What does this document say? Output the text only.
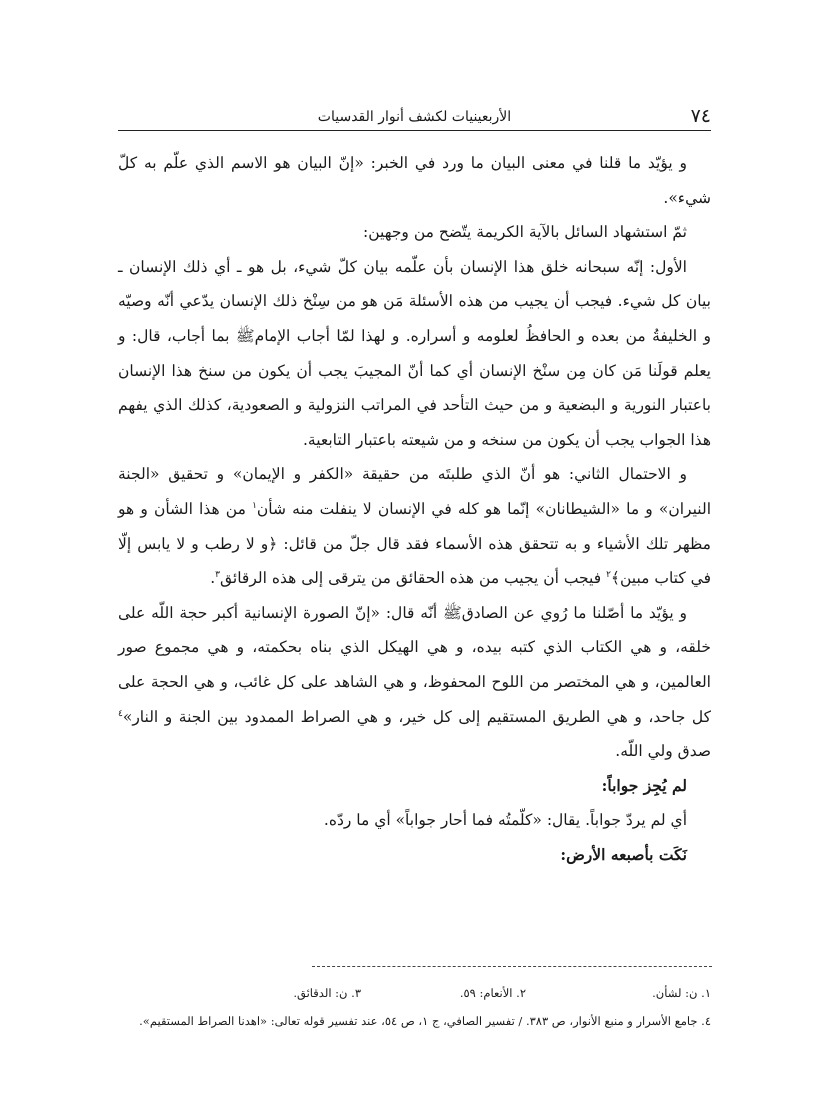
٧٤
الأربعينيات لكشف أنوار القدسيات

و يؤيّد ما قلنا في معنى البيان ما ورد في الخبر: «إنّ البيان هو الاسم الذي علّم به كلّ شيء».

ثمّ استشهاد السائل بالآية الكريمة يتّضح من وجهين:

الأول: إنّه سبحانه خلق هذا الإنسان بأن علّمه بيان كلّ شيء، بل هو ـ أي ذلك الإنسان ـ بيان كل شيء. فيجب أن يجيب من هذه الأسئلة مَن هو من سِنْخ ذلك الإنسان يدّعي أنّه وصيّه و الخليفةُ من بعده و الحافظُ لعلومه و أسراره. و لهذا لمّا أجاب الإمامﷺ بما أجاب، قال: و يعلم قولَنا مَن كان مِن سنْخ الإنسان أي كما أنّ المجيبَ يجب أن يكون من سنخ هذا الإنسان باعتبار النورية و البضعية و من حيث التأحد في المراتب النزولية و الصعودية، كذلك الذي يفهم هذا الجواب يجب أن يكون من سنخه و من شيعته باعتبار التابعية.

و الاحتمال الثاني: هو أنّ الذي طلبتَه من حقيقة «الكفر و الإيمان» و تحقيق «الجنة النيران» و ما «الشيطانان» إنّما هو كله في الإنسان لا ينفلت منه شأن$^١$ من هذا الشأن و هو مظهر تلك الأشياء و به تتحقق هذه الأسماء فقد قال جلّ من قائل: ﴿و لا رطب و لا يابس إلّا في كتاب مبين﴾$^٢$ فيجب أن يجيب من هذه الحقائق من يترقى إلى هذه الرقائق$^٣$.

و يؤيّد ما أصّلنا ما رُوي عن الصادقﷺ أنّه قال: «إنّ الصورة الإنسانية أكبر حجة اللّه على خلقه، و هي الكتاب الذي كتبه بيده، و هي الهيكل الذي بناه بحكمته، و هي مجموع صور العالمين، و هي المختصر من اللوح المحفوظ، و هي الشاهد على كل غائب، و هي الحجة على كل جاحد، و هي الطريق المستقيم إلى كل خير، و هي الصراط الممدود بين الجنة و النار»$^٤$ صدق ولي اللّه.

لم يُجِز جواباً:

أي لم يردّ جواباً. يقال: «كلّمتُه فما أحار جواباً» أي ما ردّه.

نَكَت بأصبعه الأرض:

١. ن: لشأن.
٢. الأنعام: ٥٩.
٣. ن: الدقائق.
٤. جامع الأسرار و منبع الأنوار، ص ٣٨٣. / تفسير الصافي، ج ١، ص ٥٤، عند تفسير قوله تعالى: «اهدنا الصراط المستقيم».
